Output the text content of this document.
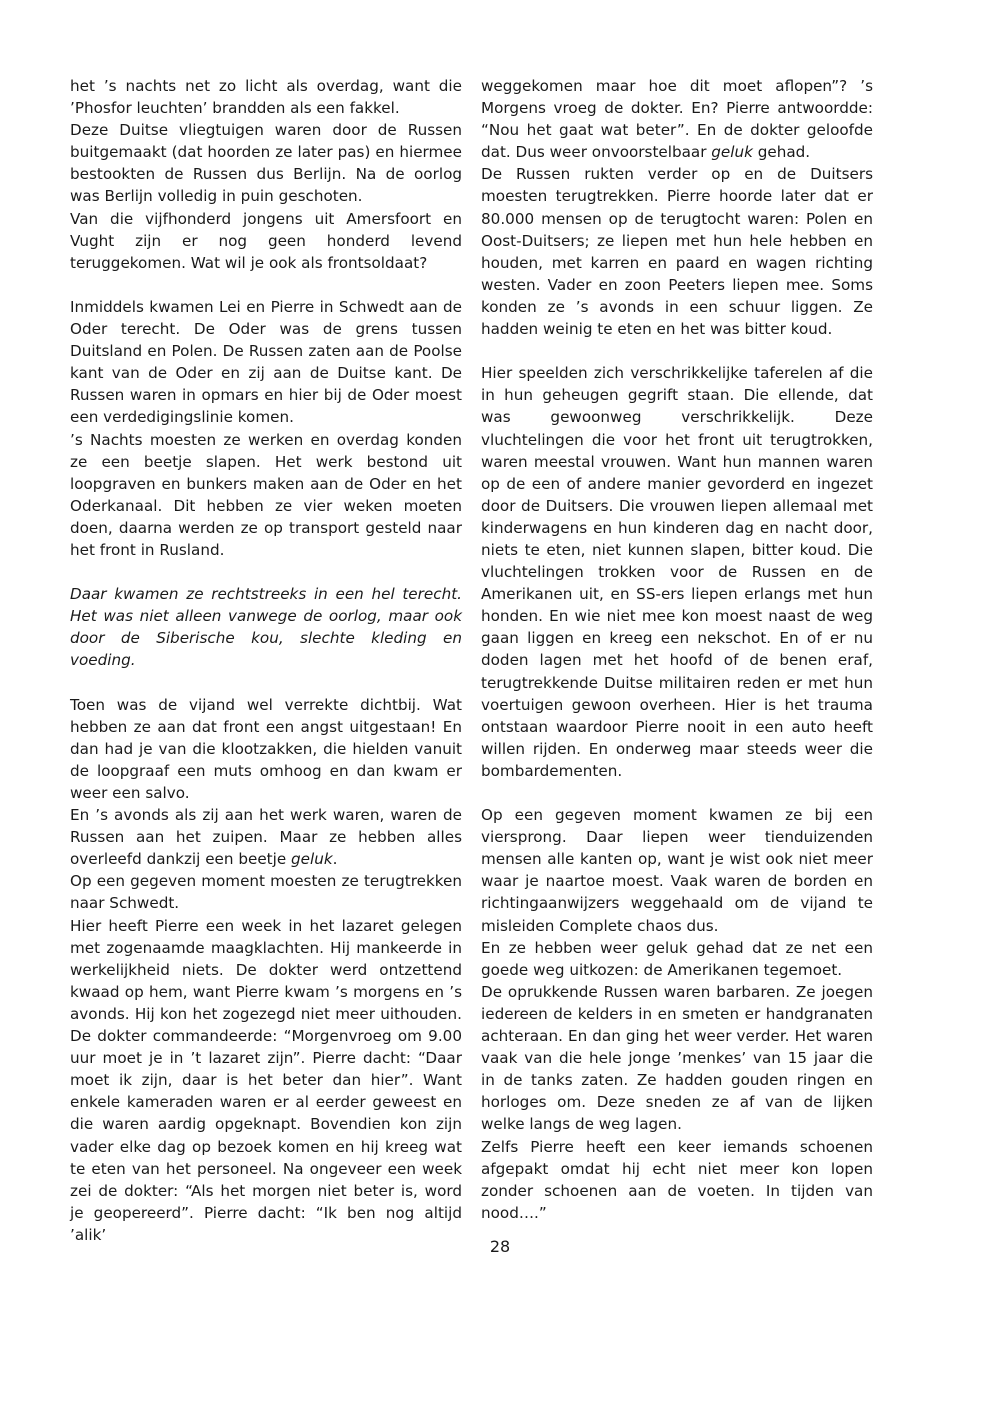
het ’s nachts net zo licht als overdag, want die ’Phosfor leuchten’ brandden als een fakkel.

Deze Duitse vliegtuigen waren door de Russen buitgemaakt (dat hoorden ze later pas) en hiermee bestookten de Russen dus Berlijn. Na de oorlog was Berlijn volledig in puin geschoten.

Van die vijfhonderd jongens uit Amersfoort en Vught zijn er nog geen honderd levend teruggekomen. Wat wil je ook als frontsoldaat?

Inmiddels kwamen Lei en Pierre in Schwedt aan de Oder terecht. De Oder was de grens tussen Duitsland en Polen. De Russen zaten aan de Poolse kant van de Oder en zij aan de Duitse kant. De Russen waren in opmars en hier bij de Oder moest een verdedigingslinie komen.

’s Nachts moesten ze werken en overdag konden ze een beetje slapen. Het werk bestond uit loopgraven en bunkers maken aan de Oder en het Oderkanaal. Dit hebben ze vier weken moeten doen, daarna werden ze op transport gesteld naar het front in Rusland.

Daar kwamen ze rechtstreeks in een hel terecht. Het was niet alleen vanwege de oorlog, maar ook door de Siberische kou, slechte kleding en voeding.

Toen was de vijand wel verrekte dichtbij. Wat hebben ze aan dat front een angst uitgestaan! En dan had je van die klootzakken, die hielden vanuit de loopgraaf een muts omhoog en dan kwam er weer een salvo.

En ’s avonds als zij aan het werk waren, waren de Russen aan het zuipen. Maar ze hebben alles overleefd dankzij een beetje geluk.

Op een gegeven moment moesten ze terugtrekken naar Schwedt.

Hier heeft Pierre een week in het lazaret gelegen met zogenaamde maagklachten. Hij mankeerde in werkelijkheid niets. De dokter werd ontzettend kwaad op hem, want Pierre kwam ’s morgens en ’s avonds. Hij kon het zogezegd niet meer uithouden. De dokter commandeerde: “Morgenvroeg om 9.00 uur moet je in ’t lazaret zijn”. Pierre dacht: “Daar moet ik zijn, daar is het beter dan hier”. Want enkele kameraden waren er al eerder geweest en die waren aardig opgeknapt. Bovendien kon zijn vader elke dag op bezoek komen en hij kreeg wat te eten van het personeel. Na ongeveer een week zei de dokter: “Als het morgen niet beter is, word je geopereerd”. Pierre dacht: “Ik ben nog altijd ’alik’

weggekomen maar hoe dit moet aflopen”? ’s Morgens vroeg de dokter. En? Pierre antwoordde: “Nou het gaat wat beter”. En de dokter geloofde dat. Dus weer onvoorstelbaar geluk gehad.

De Russen rukten verder op en de Duitsers moesten terugtrekken. Pierre hoorde later dat er 80.000 mensen op de terugtocht waren: Polen en Oost-Duitsers; ze liepen met hun hele hebben en houden, met karren en paard en wagen richting westen. Vader en zoon Peeters liepen mee. Soms konden ze ’s avonds in een schuur liggen. Ze hadden weinig te eten en het was bitter koud.

Hier speelden zich verschrikkelijke taferelen af die in hun geheugen gegrift staan. Die ellende, dat was gewoonweg verschrikkelijk. Deze vluchtelingen die voor het front uit terugtrokken, waren meestal vrouwen. Want hun mannen waren op de een of andere manier gevorderd en ingezet door de Duitsers. Die vrouwen liepen allemaal met kinderwagens en hun kinderen dag en nacht door, niets te eten, niet kunnen slapen, bitter koud. Die vluchtelingen trokken voor de Russen en de Amerikanen uit, en SS-ers liepen erlangs met hun honden. En wie niet mee kon moest naast de weg gaan liggen en kreeg een nekschot. En of er nu doden lagen met het hoofd of de benen eraf, terugtrekkende Duitse militairen reden er met hun voertuigen gewoon overheen. Hier is het trauma ontstaan waardoor Pierre nooit in een auto heeft willen rijden. En onderweg maar steeds weer die bombardementen.

Op een gegeven moment kwamen ze bij een viersprong. Daar liepen weer tienduizenden mensen alle kanten op, want je wist ook niet meer waar je naartoe moest. Vaak waren de borden en richtingaanwijzers weggehaald om de vijand te misleiden Complete chaos dus.

En ze hebben weer geluk gehad dat ze net een goede weg uitkozen: de Amerikanen tegemoet.

De oprukkende Russen waren barbaren. Ze joegen iedereen de kelders in en smeten er handgranaten achteraan. En dan ging het weer verder. Het waren vaak van die hele jonge ’menkes’ van 15 jaar die in de tanks zaten. Ze hadden gouden ringen en horloges om. Deze sneden ze af van de lijken welke langs de weg lagen.

Zelfs Pierre heeft een keer iemands schoenen afgepakt omdat hij echt niet meer kon lopen zonder schoenen aan de voeten. In tijden van nood….”

28
